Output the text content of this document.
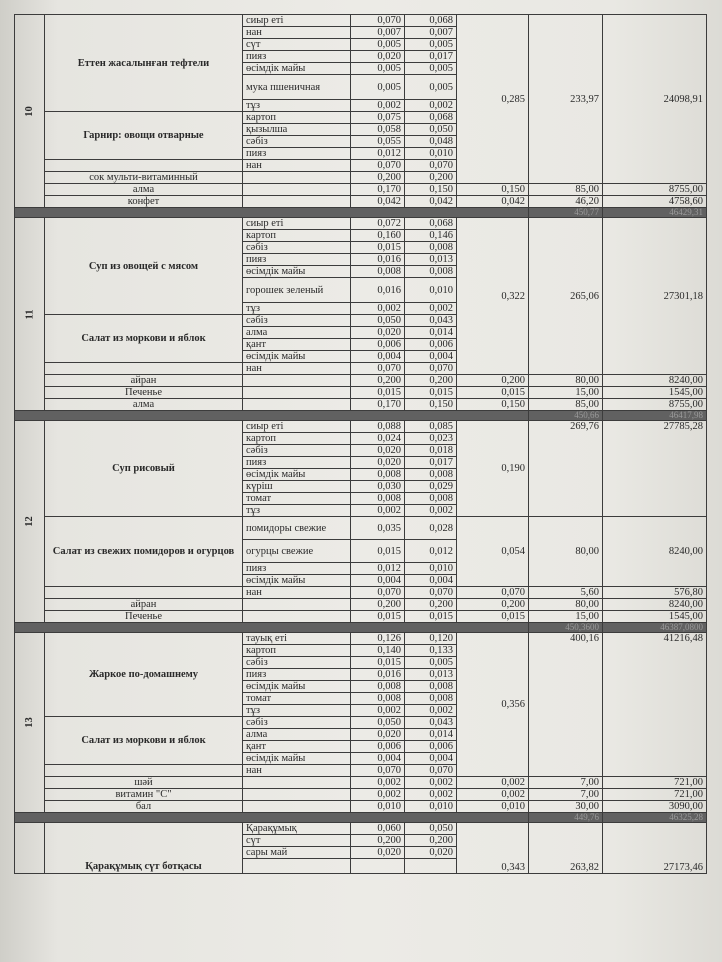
10	Еттен жасалынған тефтели	сиыр еті	0,070	0,068	0,285	233,97	24098,91	
		нан	0,007	0,007				
		сүт	0,005	0,005				
		пияз	0,020	0,017				
		өсімдік майы	0,005	0,005				
		мука пшеничная	0,005	0,005				
		тұз	0,002	0,002				
	Гарнир: овощи отварные	картоп	0,075	0,068				
		қызылша	0,058	0,050				
		сәбіз	0,055	0,048				
		пияз	0,012	0,010				
		нан	0,070	0,070				
	сок мульти-витаминный		0,200	0,200			
	алма		0,170	0,150	0,150	85,00	8755,00	
	конфет		0,042	0,042	0,042	46,20	4758,60	
						450,77	46429,31	
11	Суп из овощей с мясом	сиыр еті	0,072	0,068	0,322	265,06	27301,18	
		картоп	0,160	0,146				
		сәбіз	0,015	0,008				
		пияз	0,016	0,013				
		өсімдік майы	0,008	0,008				
		горошек зеленый	0,016	0,010				
		тұз	0,002	0,002				
	Салат из моркови и яблок	сәбіз	0,050	0,043				
		алма	0,020	0,014				
		қант	0,006	0,006				
		өсімдік майы	0,004	0,004				
		нан	0,070	0,070				
	айран		0,200	0,200	0,200	80,00	8240,00	
	Печенье		0,015	0,015	0,015	15,00	1545,00	
	алма		0,170	0,150	0,150	85,00	8755,00	
						450,66	46417,98	
12	Суп рисовый	сиыр еті	0,088	0,085	0,190	269,76	27785,28	
		картоп	0,024	0,023				
		сәбіз	0,020	0,018				
		пияз	0,020	0,017				
		өсімдік майы	0,008	0,008				
		күріш	0,030	0,029				
		томат	0,008	0,008				
		тұз	0,002	0,002				
	Салат из свежих помидоров и огурцов	помидоры свежие	0,035	0,028	0,054	80,00	8240,00	
		огурцы свежие	0,015	0,012				
		пияз	0,012	0,010				
		өсімдік майы	0,004	0,004				
		нан	0,070	0,070	0,070	5,60	576,80	
	айран		0,200	0,200	0,200	80,00	8240,00	
	Печенье		0,015	0,015	0,015	15,00	1545,00	
						450,3600	46387,0800	
13	Жаркое по-домашнему	тауық еті	0,126	0,120	0,356	400,16	41216,48	
		картоп	0,140	0,133				
		сәбіз	0,015	0,005				
		пияз	0,016	0,013				
		өсімдік майы	0,008	0,008				
		томат	0,008	0,008				
		тұз	0,002	0,002				
	Салат из моркови и яблок	сәбіз	0,050	0,043				
		алма	0,020	0,014				
		қант	0,006	0,006				
		өсімдік майы	0,004	0,004				
		нан	0,070	0,070				
	шәй		0,002	0,002	0,002	7,00	721,00	
	витамин "С"		0,002	0,002	0,002	7,00	721,00	
	бал		0,010	0,010	0,010	30,00	3090,00	
						449,76	46325,28	
	Қарақұмық сүт ботқасы	Қарақұмық	0,060	0,050	0,343	263,82	27173,46	
		сүт	0,200	0,200				
		сары май	0,020	0,020				
